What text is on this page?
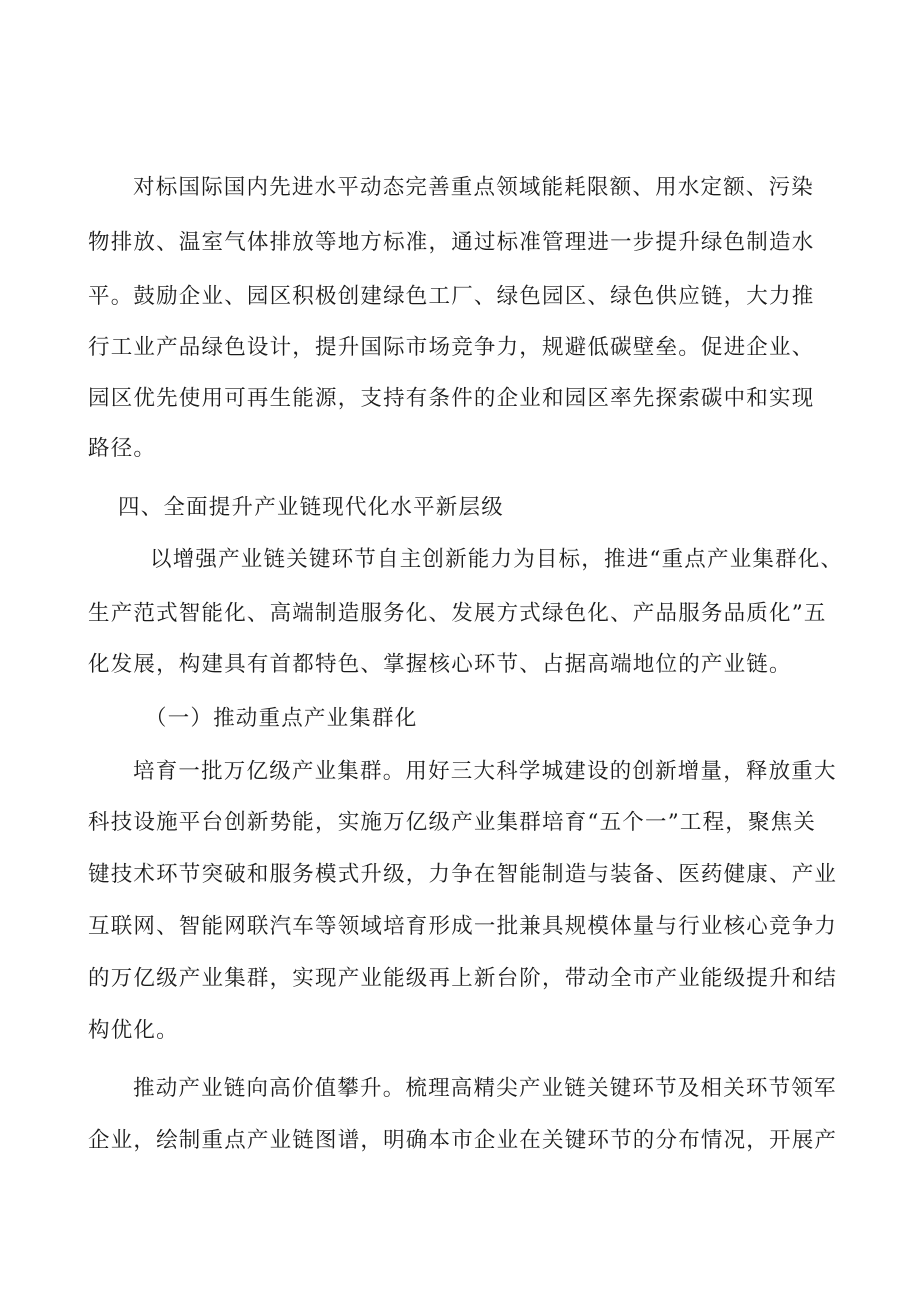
对标国际国内先进水平动态完善重点领域能耗限额、用水定额、污染

物排放、温室气体排放等地方标准，通过标准管理进一步提升绿色制造水

平。鼓励企业、园区积极创建绿色工厂、绿色园区、绿色供应链，大力推

行工业产品绿色设计，提升国际市场竞争力，规避低碳壁垒。促进企业、

园区优先使用可再生能源，支持有条件的企业和园区率先探索碳中和实现

路径。

四、全面提升产业链现代化水平新层级

以增强产业链关键环节自主创新能力为目标，推进“重点产业集群化、

生产范式智能化、高端制造服务化、发展方式绿色化、产品服务品质化”五

化发展，构建具有首都特色、掌握核心环节、占据高端地位的产业链。

（一）推动重点产业集群化

培育一批万亿级产业集群。用好三大科学城建设的创新增量，释放重大

科技设施平台创新势能，实施万亿级产业集群培育“五个一”工程，聚焦关

键技术环节突破和服务模式升级，力争在智能制造与装备、医药健康、产业

互联网、智能网联汽车等领域培育形成一批兼具规模体量与行业核心竞争力

的万亿级产业集群，实现产业能级再上新台阶，带动全市产业能级提升和结

构优化。

推动产业链向高价值攀升。梳理高精尖产业链关键环节及相关环节领军

企业，绘制重点产业链图谱，明确本市企业在关键环节的分布情况，开展产
